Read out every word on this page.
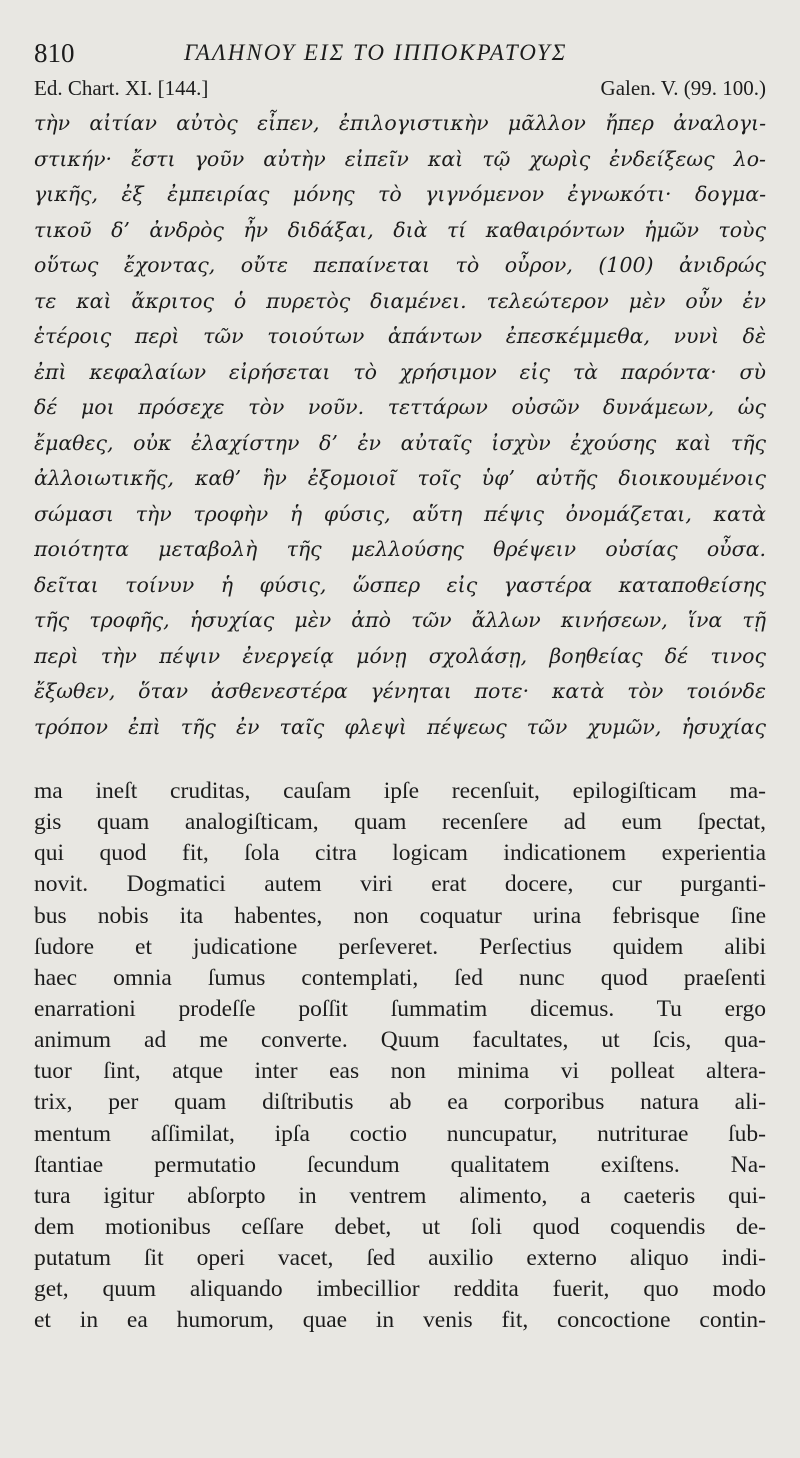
810	ΓΑΛΗΝΟΥ ΕΙΣ ΤΟ ΙΠΠΟΚΡΑΤΟΥΣ
Ed. Chart. XI. [144.]	Galen. V. (99. 100.)
τὴν αἰτίαν αὐτὸς εἶπεν, ἐπιλογιστικὴν μᾶλλον ἤπερ ἀναλογι-
στικήν· ἔστι γοῦν αὐτὴν εἰπεῖν καὶ τῷ χωρὶς ἐνδείξεως λο-
γικῆς, ἐξ ἐμπειρίας μόνης τὸ γιγνόμενον ἐγνωκότι· δογμα-
τικοῦ δ’ ἀνδρὸς ἦν διδάξαι, διὰ τί καθαιρόντων ἡμῶν τοὺς
οὕτως ἔχοντας, οὔτε πεπαίνεται τὸ οὖρον, (100) ἀνιδρώς
τε καὶ ἄκριτος ὁ πυρετὸς διαμένει. τελεώτερον μὲν οὖν ἐν
ἑτέροις περὶ τῶν τοιούτων ἁπάντων ἐπεσκέμμεθα, νυνὶ δὲ
ἐπὶ κεφαλαίων εἰρήσεται τὸ χρήσιμον εἰς τὰ παρόντα· σὺ
δέ μοι πρόσεχε τὸν νοῦν. τεττάρων οὐσῶν δυνάμεων, ὡς
ἔμαθες, οὐκ ἐλαχίστην δ’ ἐν αὐταῖς ἰσχὺν ἐχούσης καὶ τῆς
ἀλλοιωτικῆς, καθ’ ἣν ἐξομοιοῖ τοῖς ὑφ’ αὐτῆς διοικουμένοις
σώμασι τὴν τροφὴν ἡ φύσις, αὕτη πέψις ὀνομάζεται, κατὰ
ποιότητα μεταβολὴ τῆς μελλούσης θρέψειν οὐσίας οὖσα.
δεῖται τοίνυν ἡ φύσις, ὥσπερ εἰς γαστέρα καταποθείσης
τῆς τροφῆς, ἡσυχίας μὲν ἀπὸ τῶν ἄλλων κινήσεων, ἵνα τῇ
περὶ τὴν πέψιν ἐνεργείᾳ μόνῃ σχολάσῃ, βοηθείας δέ τινος
ἔξωθεν, ὅταν ἀσθενεστέρα γένηται ποτε· κατὰ τὸν τοιόνδε
τρόπον ἐπὶ τῆς ἐν ταῖς φλεψὶ πέψεως τῶν χυμῶν, ἡσυχίας
ma ineſt cruditas, cauſam ipſe recenſuit, epilogiſticam ma-
gis quam analogiſticam, quam recenſere ad eum ſpectat,
qui quod fit, ſola citra logicam indicationem experientia
novit. Dogmatici autem viri erat docere, cur purganti-
bus nobis ita habentes, non coquatur urina febrisque ſine
ſudore et judicatione perſeveret. Perſectius quidem alibi
haec omnia ſumus contemplati, ſed nunc quod praeſenti
enarrationi prodeſſe poſſit ſummatim dicemus. Tu ergo
animum ad me converte. Quum facultates, ut ſcis, qua-
tuor ſint, atque inter eas non minima vi polleat altera-
trix, per quam diſtributis ab ea corporibus natura ali-
mentum aſſimilat, ipſa coctio nuncupatur, nutriturae ſub-
ſtantiae permutatio ſecundum qualitatem exiſtens. Na-
tura igitur abſorpto in ventrem alimento, a caeteris qui-
dem motionibus ceſſare debet, ut ſoli quod coquendis de-
putatum ſit operi vacet, ſed auxilio externo aliquo indi-
get, quum aliquando imbecillior reddita fuerit, quo modo
et in ea humorum, quae in venis fit, concoctione contin-
